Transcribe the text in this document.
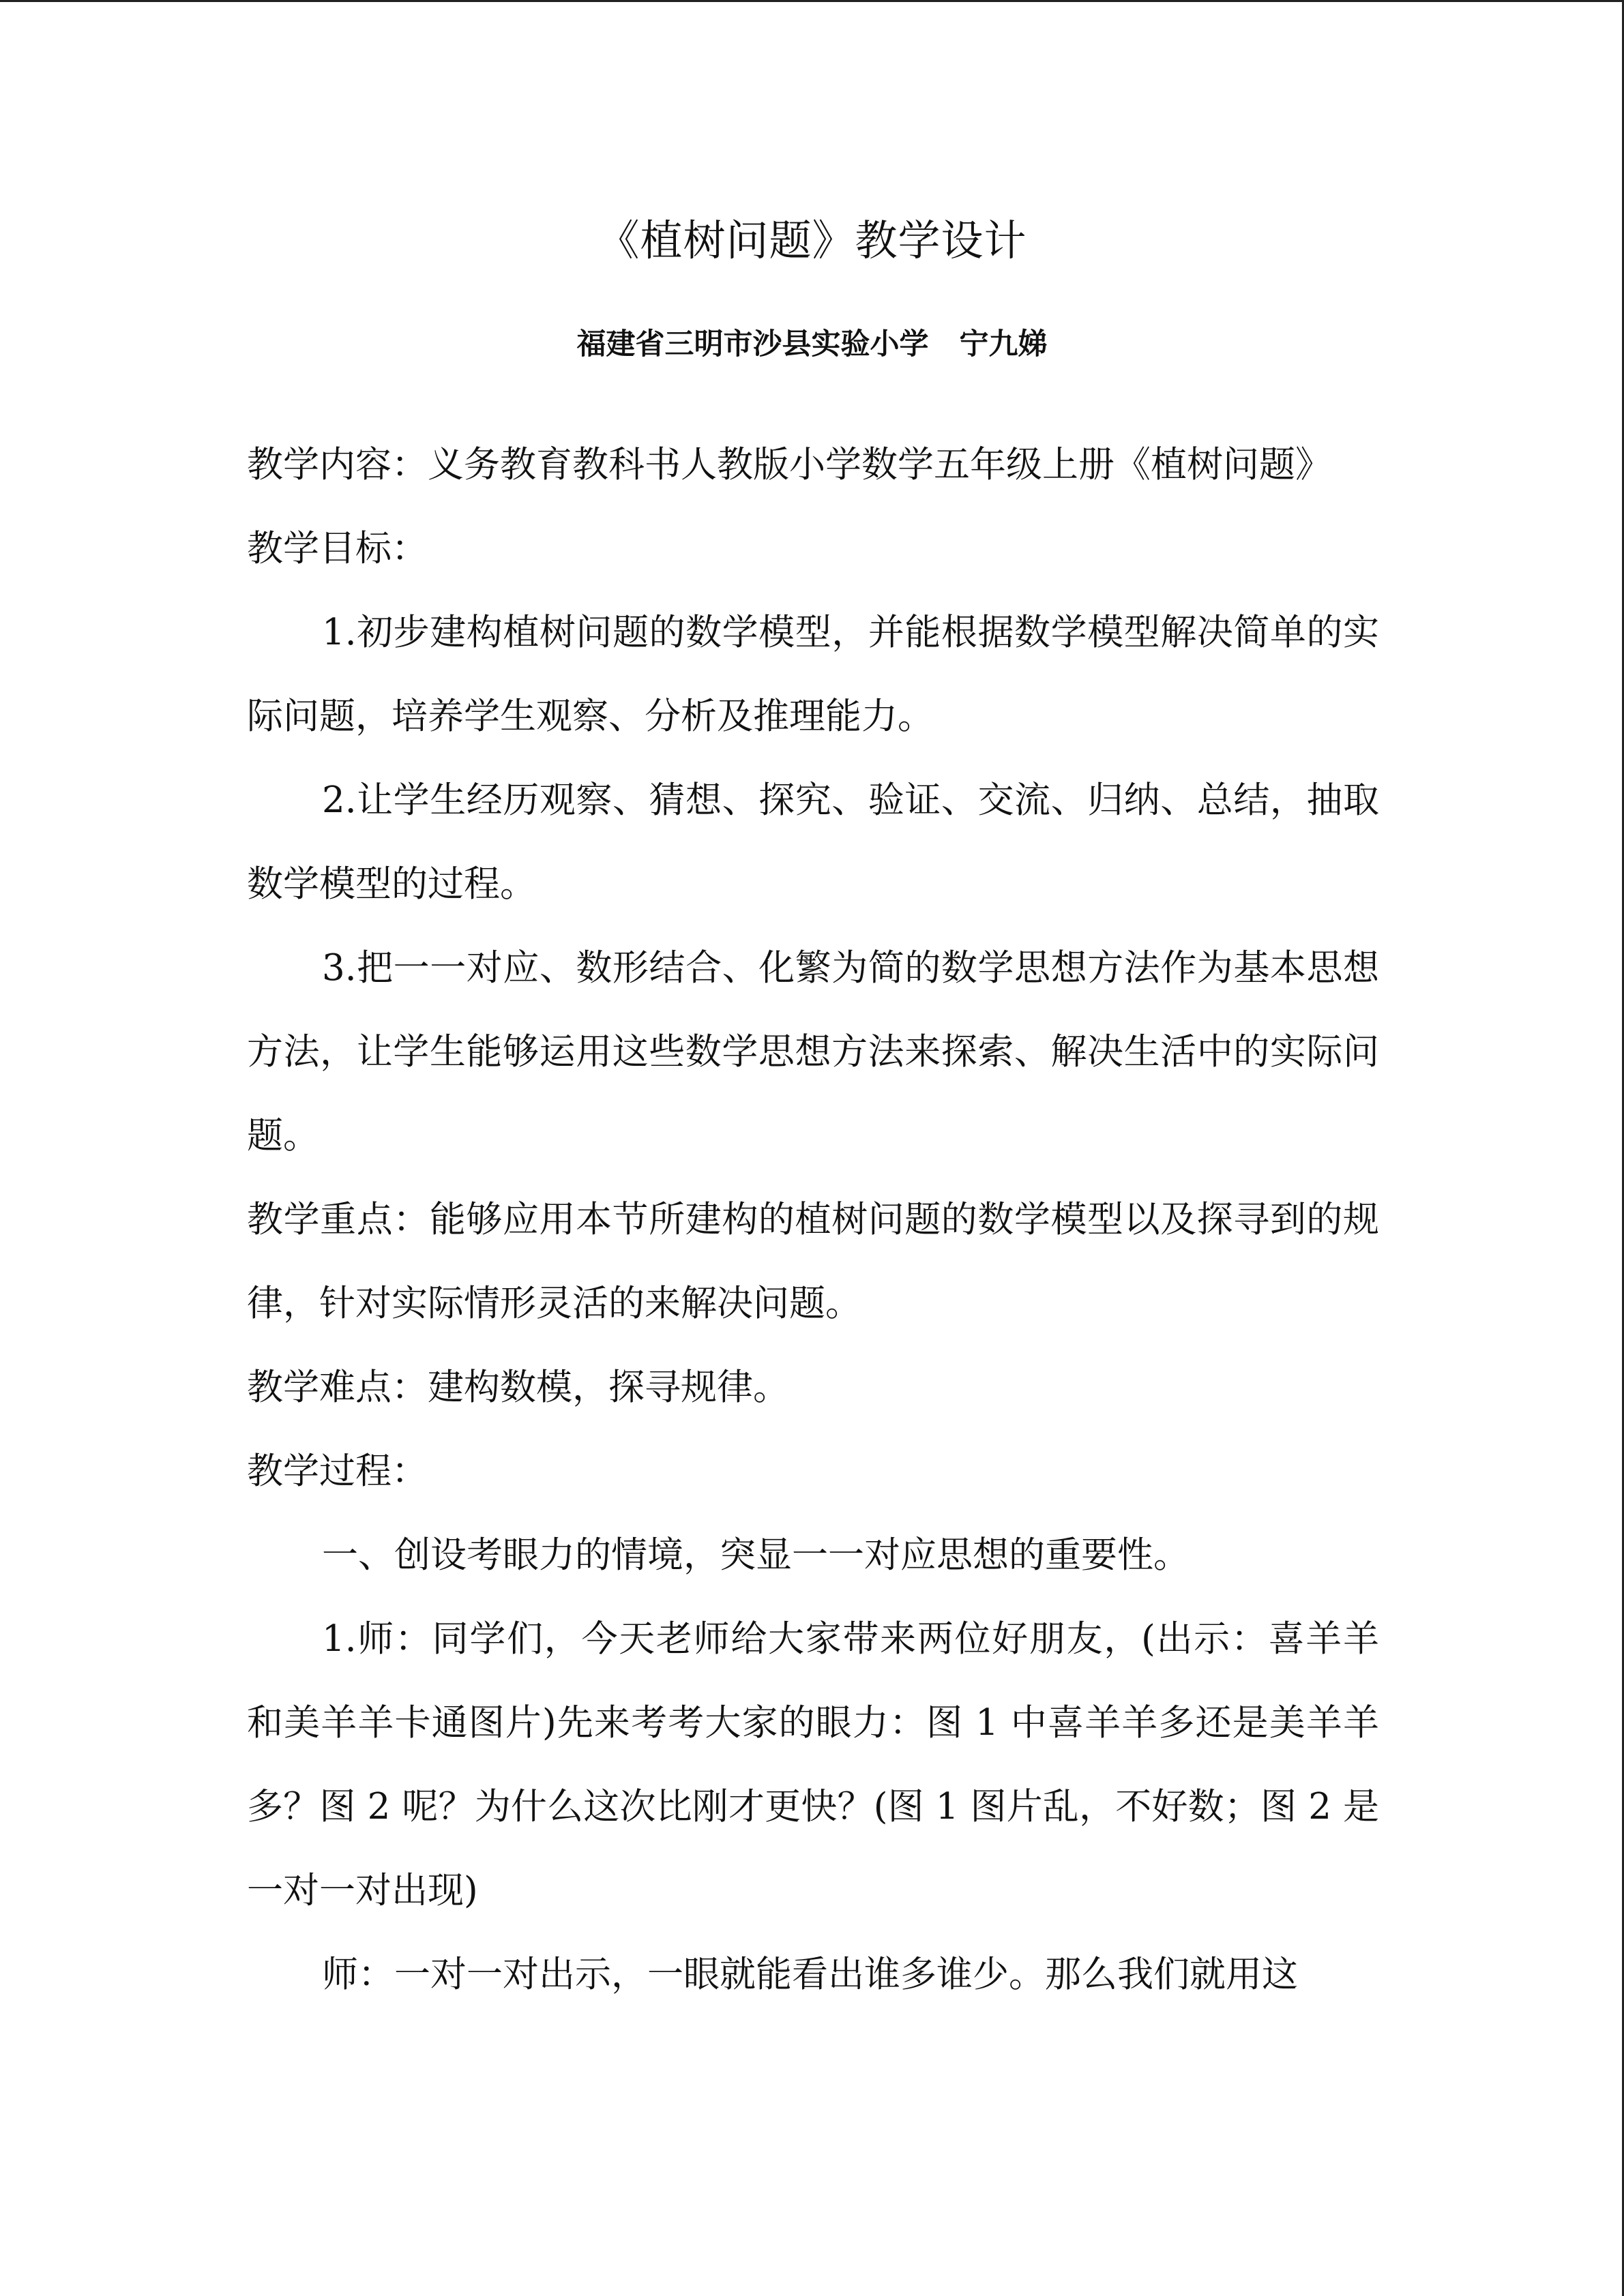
《植树问题》教学设计
福建省三明市沙县实验小学   宁九娣

教学内容：义务教育教科书人教版小学数学五年级上册《植树问题》

教学目标：

1.初步建构植树问题的数学模型，并能根据数学模型解决简单的实际问题，培养学生观察、分析及推理能力。

2.让学生经历观察、猜想、探究、验证、交流、归纳、总结，抽取数学模型的过程。

3.把一一对应、数形结合、化繁为简的数学思想方法作为基本思想方法，让学生能够运用这些数学思想方法来探索、解决生活中的实际问题。

教学重点：能够应用本节所建构的植树问题的数学模型以及探寻到的规律，针对实际情形灵活的来解决问题。

教学难点：建构数模，探寻规律。

教学过程：

一、创设考眼力的情境，突显一一对应思想的重要性。

1.师：同学们，今天老师给大家带来两位好朋友，(出示：喜羊羊和美羊羊卡通图片)先来考考大家的眼力：图 1 中喜羊羊多还是美羊羊多？图 2 呢？为什么这次比刚才更快？(图 1 图片乱，不好数；图 2 是一对一对出现)

师：一对一对出示，一眼就能看出谁多谁少。那么我们就用这
